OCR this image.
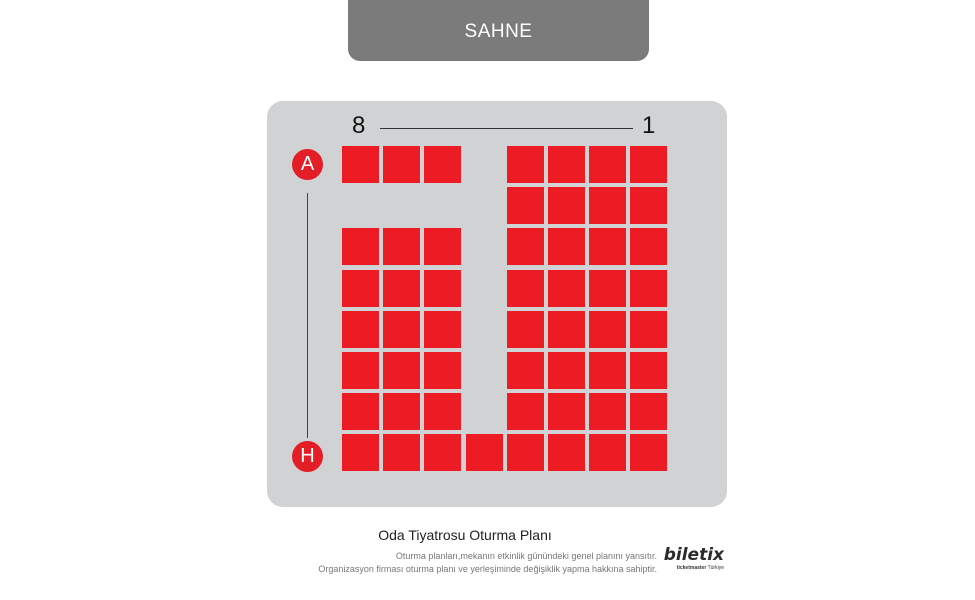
SAHNE
8	1
A
H
Oda Tiyatrosu Oturma Planı
Oturma planları,mekanın etkinlik günündeki genel planını yansıtır.
Organizasyon firması oturma planı ve yerleşiminde değişiklik yapma hakkına sahiptir.
biletix
ticketmaster Türkiye
